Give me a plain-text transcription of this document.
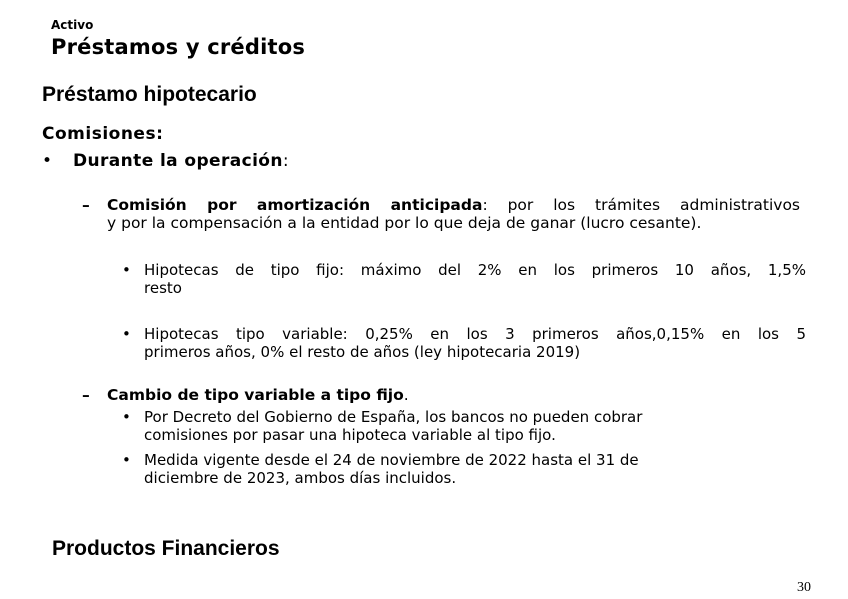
Activo
Préstamos y créditos
Préstamo hipotecario
Comisiones:
• Durante la operación:
– Comisión por amortización anticipada: por los trámites administrativos
y por la compensación a la entidad por lo que deja de ganar (lucro cesante).
• Hipotecas de tipo fijo: máximo del 2% en los primeros 10 años, 1,5%
resto
• Hipotecas tipo variable: 0,25% en los 3 primeros años,0,15% en los 5
primeros años, 0% el resto de años (ley hipotecaria 2019)
– Cambio de tipo variable a tipo fijo.
• Por Decreto del Gobierno de España, los bancos no pueden cobrar
comisiones por pasar una hipoteca variable al tipo fijo.
• Medida vigente desde el 24 de noviembre de 2022 hasta el 31 de
diciembre de 2023, ambos días incluidos.
Productos Financieros
30
